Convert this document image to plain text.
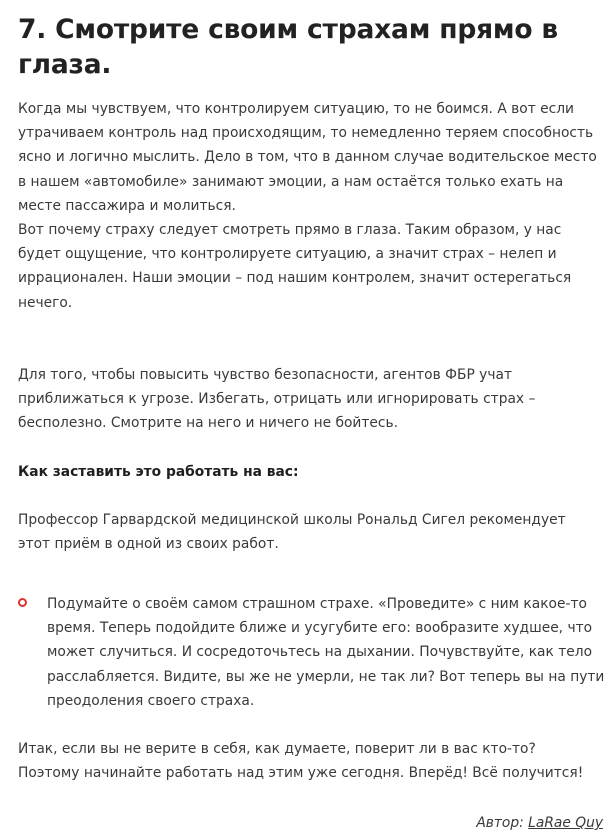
7. Смотрите своим страхам прямо в глаза.

Когда мы чувствуем, что контролируем ситуацию, то не боимся. А вот если утрачиваем контроль над происходящим, то немедленно теряем способность ясно и логично мыслить. Дело в том, что в данном случае водительское место в нашем «автомобиле» занимают эмоции, а нам остаётся только ехать на месте пассажира и молиться.

Вот почему страху следует смотреть прямо в глаза. Таким образом, у нас будет ощущение, что контролируете ситуацию, а значит страх – нелеп и иррационален. Наши эмоции – под нашим контролем, значит остерегаться нечего.

Для того, чтобы повысить чувство безопасности, агентов ФБР учат приближаться к угрозе. Избегать, отрицать или игнорировать страх – бесполезно. Смотрите на него и ничего не бойтесь.

Как заставить это работать на вас:

Профессор Гарвардской медицинской школы Рональд Сигел рекомендует этот приём в одной из своих работ.

Подумайте о своём самом страшном страхе. «Проведите» с ним какое-то время. Теперь подойдите ближе и усугубите его: вообразите худшее, что может случиться. И сосредоточьтесь на дыхании. Почувствуйте, как тело расслабляется. Видите, вы же не умерли, не так ли? Вот теперь вы на пути преодоления своего страха.

Итак, если вы не верите в себя, как думаете, поверит ли в вас кто-то? Поэтому начинайте работать над этим уже сегодня. Вперёд! Всё получится!

Автор: LaRae Quy
